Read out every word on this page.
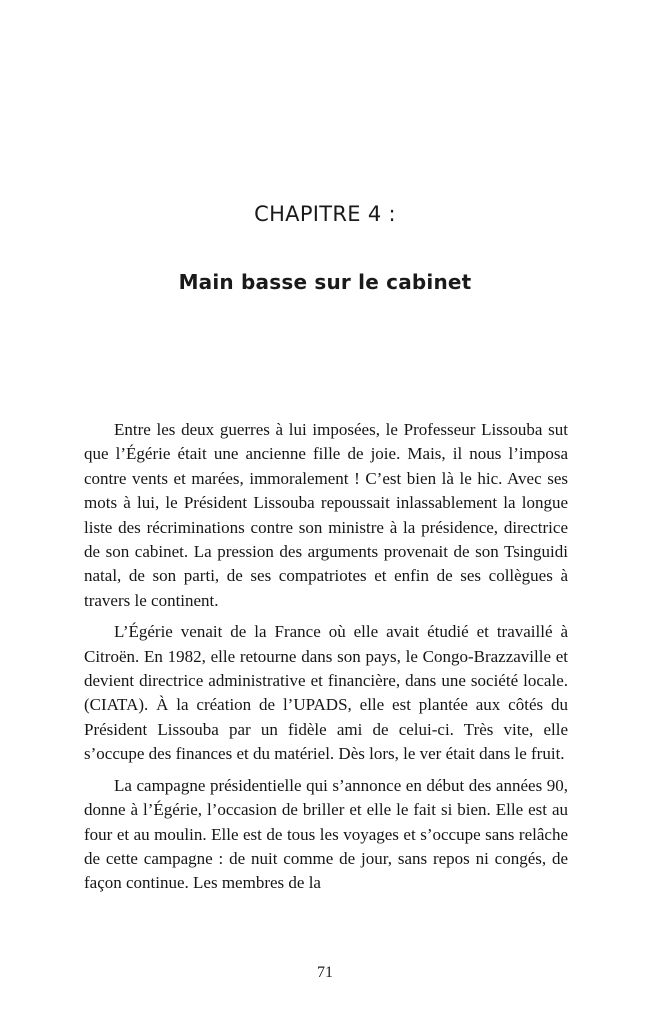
CHAPITRE 4 :
Main basse sur le cabinet

Entre les deux guerres à lui imposées, le Professeur Lissouba sut que l’Égérie était une ancienne fille de joie. Mais, il nous l’imposa contre vents et marées, immoralement ! C’est bien là le hic. Avec ses mots à lui, le Président Lissouba repoussait inlassablement la longue liste des récriminations contre son ministre à la présidence, directrice de son cabinet. La pression des arguments provenait de son Tsinguidi natal, de son parti, de ses compatriotes et enfin de ses collègues à travers le continent.

L’Égérie venait de la France où elle avait étudié et travaillé à Citroën. En 1982, elle retourne dans son pays, le Congo-Brazzaville et devient directrice administrative et financière, dans une société locale. (CIATA). À la création de l’UPADS, elle est plantée aux côtés du Président Lissouba par un fidèle ami de celui-ci. Très vite, elle s’occupe des finances et du matériel. Dès lors, le ver était dans le fruit.

La campagne présidentielle qui s’annonce en début des années 90, donne à l’Égérie, l’occasion de briller et elle le fait si bien. Elle est au four et au moulin. Elle est de tous les voyages et s’occupe sans relâche de cette campagne : de nuit comme de jour, sans repos ni congés, de façon continue. Les membres de la

71
